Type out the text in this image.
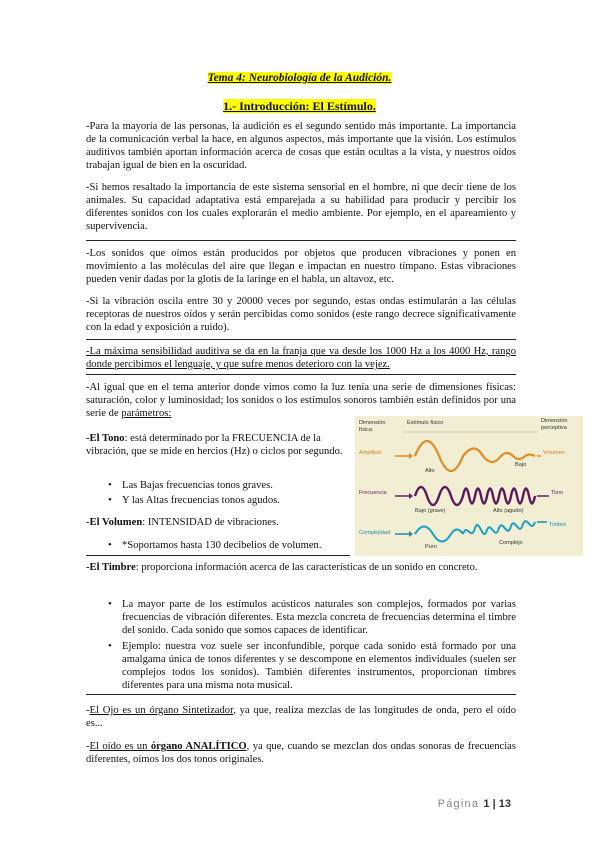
Tema 4: Neurobiología de la Audición.
1.- Introducción: El Estímulo.
-Para la mayoría de las personas, la audición es el segundo sentido más importante. La importancia de la comunicación verbal la hace, en algunos aspectos, más importante que la visión. Los estímulos auditivos también aportan información acerca de cosas que están ocultas a la vista, y nuestros oídos trabajan igual de bien en la oscuridad.
-Si hemos resaltado la importancia de este sistema sensorial en el hombre, ni que decir tiene de los animales. Su capacidad adaptativa está emparejada a su habilidad para producir y percibir los diferentes sonidos con los cuales explorarán el medio ambiente. Por ejemplo, en el apareamiento y supervivencia.
-Los sonidos que oímos están producidos por objetos que producen vibraciones y ponen en movimiento a las moléculas del aire que llegan e impactan en nuestro tímpano. Estas vibraciones pueden venir dadas por la glotis de la laringe en el habla, un altavoz, etc.
-Si la vibración oscila entre 30 y 20000 veces por segundo, estas ondas estimularán a las células receptoras de nuestros oídos y serán percibidas como sonidos (este rango decrece significativamente con la edad y exposición a ruido).
-La máxima sensibilidad auditiva se da en la franja que va desde los 1000 Hz a los 4000 Hz, rango donde percibimos el lenguaje, y que sufre menos deterioro con la vejez.
-Al igual que en el tema anterior donde vimos como la luz tenía una serie de dimensiones físicas: saturación, color y luminosidad; los sonidos o los estímulos sonoros también están definidos por una serie de parámetros:
-El Tono: está determinado por la FRECUENCIA de la vibración, que se mide en hercios (Hz) o ciclos por segundo.
• Las Bajas frecuencias tonos graves.
• Y las Altas frecuencias tonos agudos.
-El Volumen: INTENSIDAD de vibraciones.
• *Soportamos hasta 130 decibelios de volumen.
Dimensión física
Estímulo físico	Dimensión perceptiva
Amplitud
Alto
Bajo
Volumen
Frecuencia
Bajo (grave)	Alto (agudo)
Tono
Complejidad
Puro
Complejo
Timbre
-El Timbre: proporciona información acerca de las características de un sonido en concreto.
• La mayor parte de los estímulos acústicos naturales son complejos, formados por varias frecuencias de vibración diferentes. Esta mezcla concreta de frecuencias determina el timbre del sonido. Cada sonido que somos capaces de identificar.
• Ejemplo: nuestra voz suele ser inconfundible, porque cada sonido está formado por una amalgama única de tonos diferentes y se descompone en elementos individuales (suelen ser complejos todos los sonidos). También diferentes instrumentos, proporcionan timbres diferentes para una misma nota musical.
-El Ojo es un órgano Sintetizador, ya que, realiza mezclas de las longitudes de onda, pero el oído es...
-El oído es un órgano ANALÍTICO, ya que, cuando se mezclan dos ondas sonoras de frecuencias diferentes, oímos los dos tonos originales.
Página 1 | 13
